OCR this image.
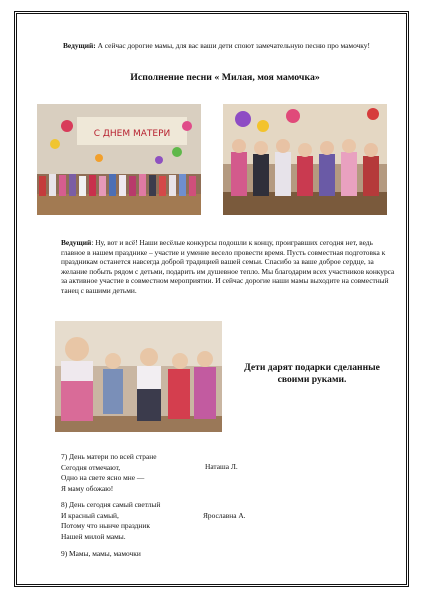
Ведущий: А сейчас дорогие мамы, для вас ваши дети споют замечательную песню про мамочку!
Исполнение песни « Милая, моя мамочка»
С ДНЕМ МАТЕРИ
Ведущий: Ну, вот и всё! Наши весёлые конкурсы подошли к концу, проигравших сегодня нет, ведь главное в нашем празднике – участие и умение весело провести время. Пусть совместная подготовка к праздникам останется навсегда доброй традицией вашей семьи. Спасибо за ваше доброе сердце, за желание побыть рядом с детьми, подарить им душевное тепло. Мы благодарим всех участников конкурса за активное участие в совместном мероприятии. И сейчас дорогие наши мамы выходите на совместный танец с вашими детьми.
Дети дарят подарки сделанные
своими руками.
7) День матери по всей стране
Сегодня отмечают,
Одно на свете ясно мне —
Я маму обожаю!
Наташа Л.
8) День сегодня самый светлый
И красный самый,
Потому что нынче праздник
Нашей милой мамы.
Ярославна А.
9) Мамы, мамы, мамочки
